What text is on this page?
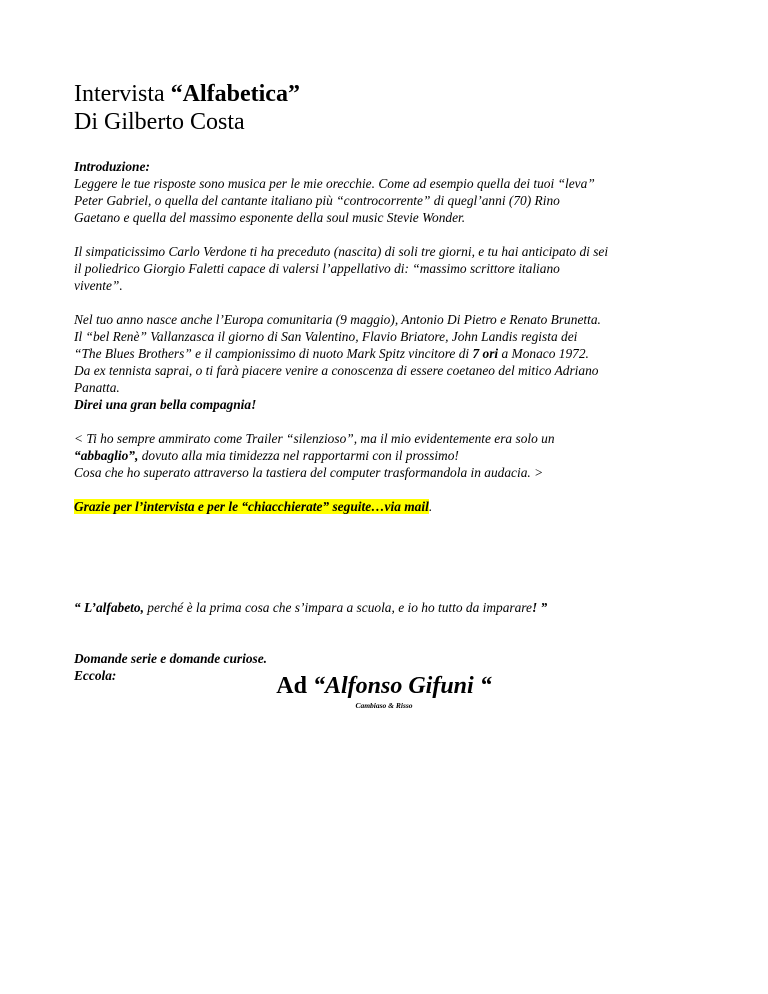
Intervista “Alfabetica”
Di Gilberto Costa

Introduzione:

Leggere le tue risposte sono musica per le mie orecchie. Come ad esempio quella dei tuoi “leva”
Peter Gabriel, o quella del cantante italiano più “controcorrente” di quegl’anni (70) Rino
Gaetano e quella del massimo esponente della soul music Stevie Wonder.

Il simpaticissimo Carlo Verdone ti ha preceduto (nascita) di soli tre giorni, e tu hai anticipato di sei
il poliedrico Giorgio Faletti capace di valersi l’appellativo di: “massimo scrittore italiano
vivente”.

Nel tuo anno nasce anche l’Europa comunitaria (9 maggio), Antonio Di Pietro e Renato Brunetta.
Il “bel Renè” Vallanzasca il giorno di San Valentino, Flavio Briatore, John Landis regista dei
“The Blues Brothers” e il campionissimo di nuoto Mark Spitz vincitore di 7 ori a Monaco 1972.
Da ex tennista saprai, o ti farà piacere venire a conoscenza di essere coetaneo del mitico Adriano
Panatta.
Direi una gran bella compagnia!

< Ti ho sempre ammirato come Trailer “silenzioso”, ma il mio evidentemente era solo un
“abbaglio”, dovuto alla mia timidezza nel rapportarmi con il prossimo!
Cosa che ho superato attraverso la tastiera del computer trasformandola in audacia. >

Grazie per l’intervista e per le “chiacchierate” seguite…via mail.

“ L’alfabeto, perché è la prima cosa che s’impara a scuola, e io ho tutto da imparare! ”

Domande serie e domande curiose.
Eccola:	Ad “Alfonso Gifuni “
Cambiaso & Risso
